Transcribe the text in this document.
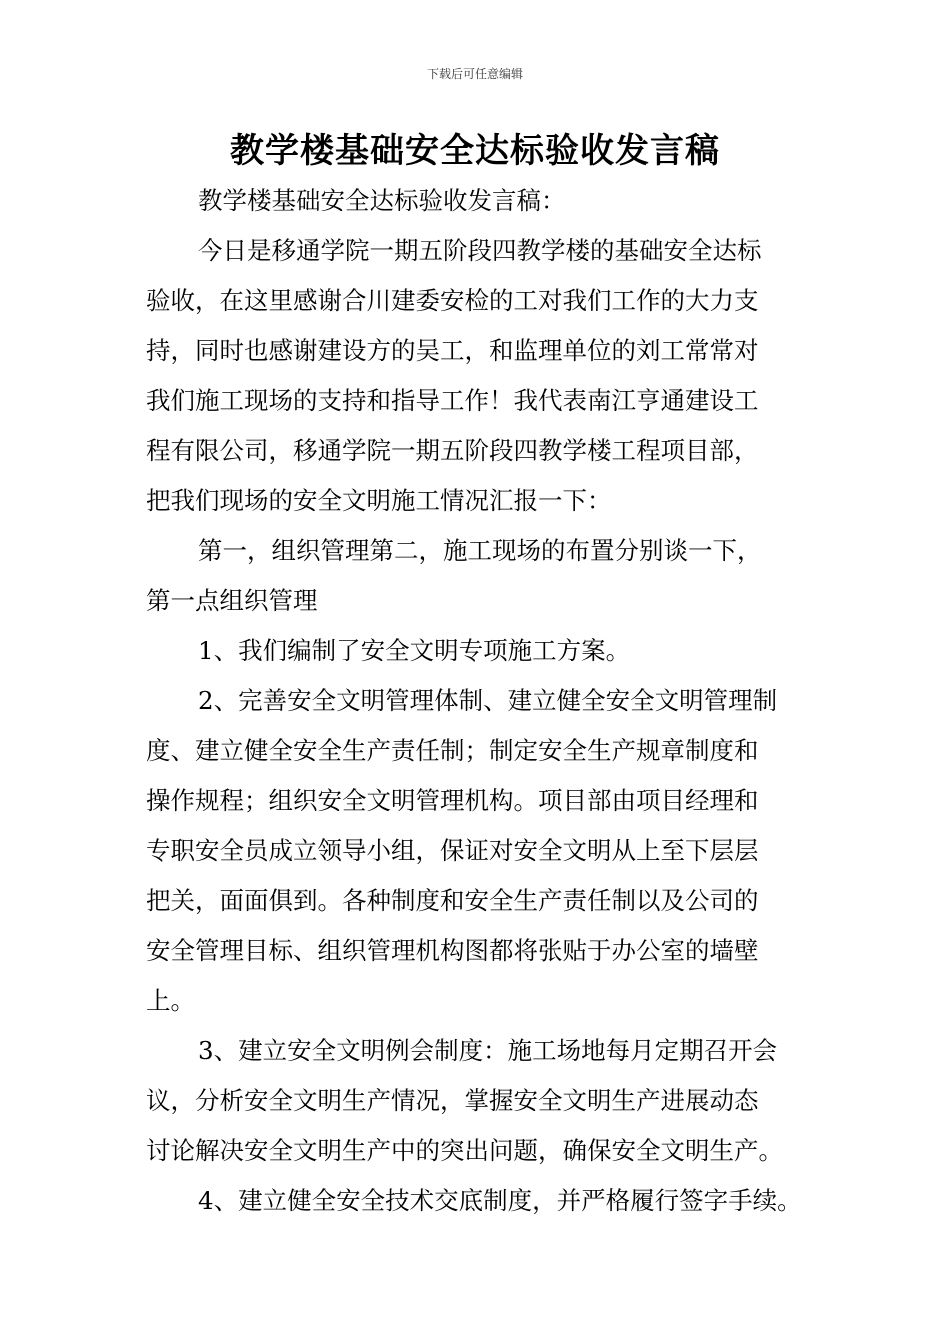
下载后可任意编辑
教学楼基础安全达标验收发言稿
教学楼基础安全达标验收发言稿：
今日是移通学院一期五阶段四教学楼的基础安全达标
验收，在这里感谢合川建委安检的工对我们工作的大力支
持，同时也感谢建设方的吴工，和监理单位的刘工常常对
我们施工现场的支持和指导工作！我代表南江亨通建设工
程有限公司，移通学院一期五阶段四教学楼工程项目部，
把我们现场的安全文明施工情况汇报一下：
第一，组织管理第二，施工现场的布置分别谈一下，
第一点组织管理
1、我们编制了安全文明专项施工方案。
2、完善安全文明管理体制、建立健全安全文明管理制
度、建立健全安全生产责任制；制定安全生产规章制度和
操作规程；组织安全文明管理机构。项目部由项目经理和
专职安全员成立领导小组，保证对安全文明从上至下层层
把关，面面俱到。各种制度和安全生产责任制以及公司的
安全管理目标、组织管理机构图都将张贴于办公室的墙壁
上。
3、建立安全文明例会制度：施工场地每月定期召开会
议，分析安全文明生产情况，掌握安全文明生产进展动态
讨论解决安全文明生产中的突出问题，确保安全文明生产。
4、建立健全安全技术交底制度，并严格履行签字手续。
